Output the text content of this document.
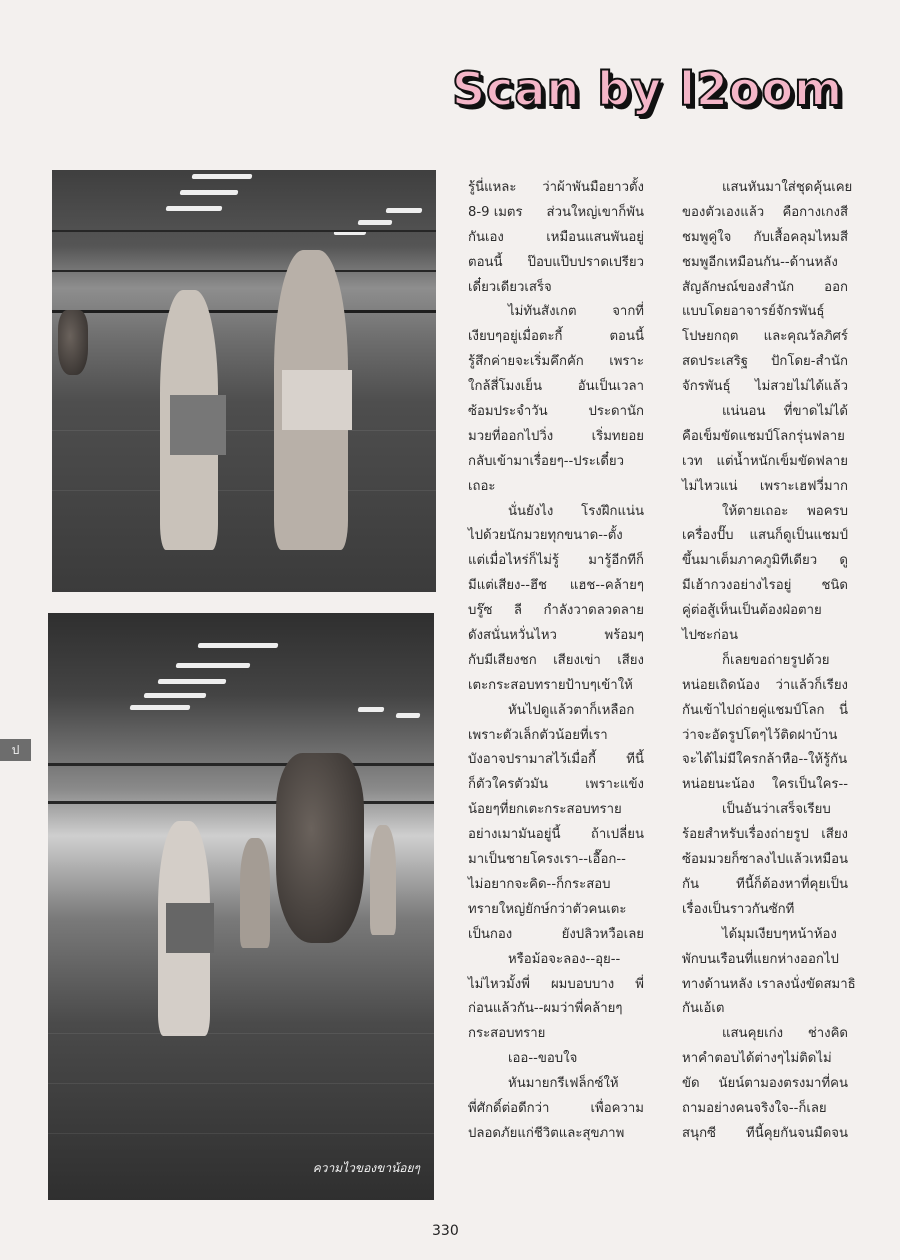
Scan by l2oom
ความไวของขาน้อยๆ
รู้นี่แหละ ว่าผ้าพันมือยาวตั้ง
8-9 เมตร ส่วนใหญ่เขาก็พัน
กันเอง	เหมือนแสนพันอยู่
ตอนนี้ ป๊อบแป๊บปราดเปรียว
เดี๋ยวเดียวเสร็จ
ไม่ทันสังเกต	จากที่
เงียบๆอยู่เมื่อตะกี้	ตอนนี้
รู้สึกค่ายจะเริ่มคึกคัก เพราะ
ใกล้สี่โมงเย็น	อันเป็นเวลา
ซ้อมประจำวัน	ประดานัก
มวยที่ออกไปวิ่ง	เริ่มทยอย
กลับเข้ามาเรื่อยๆ--ประเดี๋ยว
เถอะ
นั่นยังไง โรงฝึกแน่น
ไปด้วยนักมวยทุกขนาด--ตั้ง
แต่เมื่อไหร่ก็ไม่รู้ มารู้อีกทีก็
มีแต่เสียง--ฮึช แฮช--คล้ายๆ
บรู๊ซ ลี กำลังวาดลวดลาย
ดังสนั่นหวั่นไหว	พร้อมๆ
กับมีเสียงชก เสียงเข่า เสียง
เตะกระสอบทรายป้าบๆเข้าให้
หันไปดูแล้วตาก็เหลือก
เพราะตัวเล็กตัวน้อยที่เรา
บังอาจปรามาสไว้เมื่อกี้ ทีนี้
ก็ตัวใครตัวมัน	เพราะแข้ง
น้อยๆที่ยกเตะกระสอบทราย
อย่างเมามันอยู่นี้ ถ้าเปลี่ยน
มาเป็นชายโครงเรา--เอื๊อก--
ไม่อยากจะคิด--ก็กระสอบ
ทรายใหญ่ยักษ์กว่าตัวคนเตะ
เป็นกอง	ยังปลิวหวือเลย
หรือม้อจะลอง--อุย--
ไม่ไหวมั้งพี่ ผมบอบบาง พี่
ก่อนแล้วกัน--ผมว่าพี่คล้ายๆ
กระสอบทราย
เออ--ขอบใจ
หันมายกรีเฟล็กซ์ให้
พี่ศักดิ์ต่อดีกว่า	เพื่อความ
ปลอดภัยแก่ชีวิตและสุขภาพ
แสนหันมาใส่ชุดคุ้นเคย
ของตัวเองแล้ว คือกางเกงสี
ชมพูคู่ใจ กับเสื้อคลุมไหมสี
ชมพูอีกเหมือนกัน--ด้านหลัง
สัญลักษณ์ของสำนัก ออก
แบบโดยอาจารย์จักรพันธุ์
โปษยกฤต และคุณวัลภิศร์
สดประเสริฐ ปักโดย-สำนัก
จักรพันธุ์ ไม่สวยไม่ได้แล้ว
แน่นอน ที่ขาดไม่ได้
คือเข็มขัดแชมป์โลกรุ่นฟลาย
เวท แต่น้ำหนักเข็มขัดฟลาย
ไม่ไหวแน่ เพราะเฮฟวี่มาก
ให้ตายเถอะ พอครบ
เครื่องปั๊บ แสนก็ดูเป็นแชมป์
ขึ้นมาเต็มภาคภูมิทีเดียว ดู
มีเฮ้ากวงอย่างไรอยู่ ชนิด
คู่ต่อสู้เห็นเป็นต้องฝ่อตาย
ไปซะก่อน
ก็เลยขอถ่ายรูปด้วย
หน่อยเถิดน้อง ว่าแล้วก็เรียง
กันเข้าไปถ่ายคู่แชมป์โลก นี่
ว่าจะอัดรูปโตๆไว้ติดฝาบ้าน
จะได้ไม่มีใครกล้าหือ--ให้รู้กัน
หน่อยนะน้อง ใครเป็นใคร--
เป็นอันว่าเสร็จเรียบ
ร้อยสำหรับเรื่องถ่ายรูป เสียง
ซ้อมมวยก็ซาลงไปแล้วเหมือน
กัน	ทีนี้ก็ต้องหาที่คุยเป็น
เรื่องเป็นราวกันซักที
ได้มุมเงียบๆหน้าห้อง
พักบนเรือนที่แยกห่างออกไป
ทางด้านหลัง เราลงนั่งขัดสมาธิ
กันเอ้เต
แสนคุยเก่ง ช่างคิด
หาคำตอบได้ต่างๆไม่ติดไม่
ขัด นัยน์ตามองตรงมาที่คน
ถามอย่างคนจริงใจ--ก็เลย
สนุกซี ทีนี้คุยกันจนมืดจน
ป
330
